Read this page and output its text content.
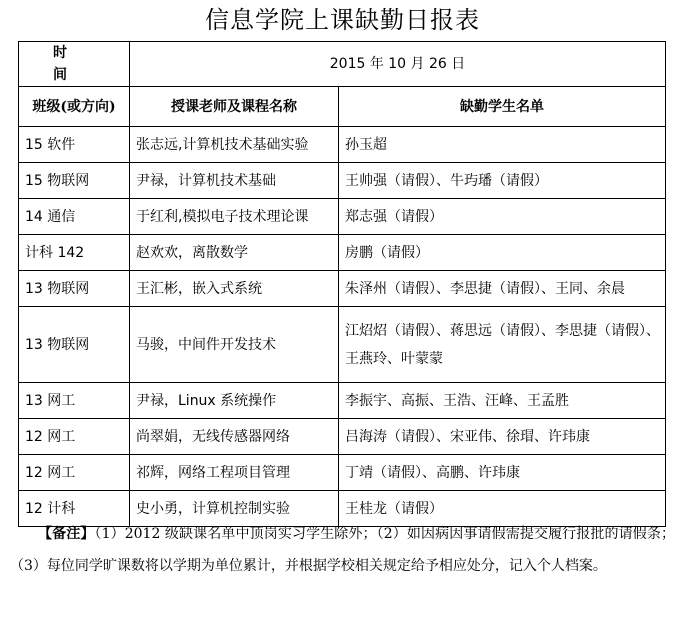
信息学院上课缺勤日报表
时 间	2015 年 10 月 26 日	
班级(或方向)	授课老师及课程名称	缺勤学生名单
15 软件	张志远,计算机技术基础实验	孙玉超
15 物联网	尹禄，计算机技术基础	王帅强（请假）、牛玙璠（请假）
14 通信	于红利,模拟电子技术理论课	郑志强（请假）
计科 142	赵欢欢，离散数学	房鹏（请假）
13 物联网	王汇彬，嵌入式系统	朱泽州（请假）、李思捷（请假）、王同、余晨
13 物联网	马骏，中间件开发技术	江炤炤（请假）、蒋思远（请假）、李思捷（请假）、王燕玲、叶蒙蒙
13 网工	尹禄，Linux 系统操作	李振宇、高振、王浩、汪峰、王孟胜
12 网工	尚翠娟，无线传感器网络	吕海涛（请假）、宋亚伟、徐瑁、许玮康
12 网工	祁辉，网络工程项目管理	丁靖（请假）、高鹏、许玮康
12 计科	史小勇，计算机控制实验	王桂龙（请假）
【备注】（1）2012 级缺课名单中顶岗实习学生除外；（2）如因病因事请假需提交履行报批的请假条；（3）每位同学旷课数将以学期为单位累计，并根据学校相关规定给予相应处分，记入个人档案。
